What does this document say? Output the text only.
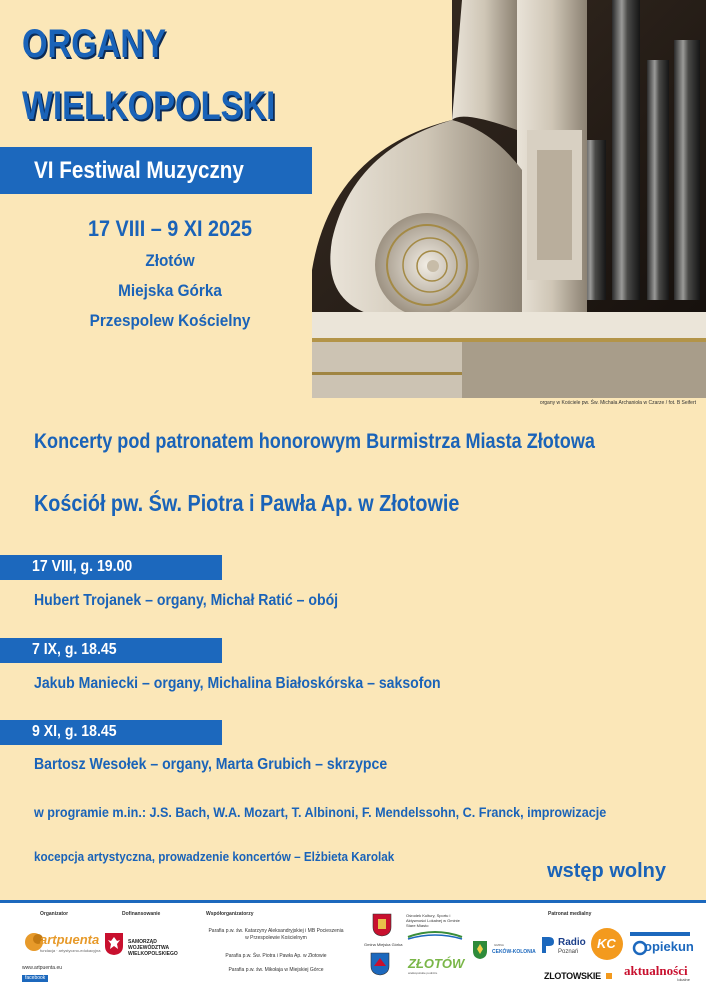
ORGANY
WIELKOPOLSKI
VI Festiwal Muzyczny
17 VIII – 9 XI 2025
Złotów
Miejska Górka
Przespolew Kościelny
organy w Kościele pw. Św. Michała Archanioła w Czarze / fot. B Seifert
Koncerty pod patronatem honorowym Burmistrza Miasta Złotowa
Kościół pw. Św. Piotra i Pawła Ap. w Złotowie
17 VIII, g. 19.00
Hubert Trojanek – organy, Michał Ratić – obój
7 IX, g. 18.45
Jakub Maniecki – organy, Michalina Białoskórska – saksofon
9 XI, g. 18.45
Bartosz Wesołek – organy, Marta Grubich – skrzypce
w programie m.in.: J.S. Bach, W.A. Mozart, T. Albinoni, F. Mendelssohn, C. Franck, improwizacje
kocepcja artystyczna, prowadzenie koncertów – Elżbieta Karolak
wstęp wolny
Organizator	Dofinansowanie	Współorganizatorzy	Patronat medialny
artpuenta
fundacja · artystyczno-edukacyjna
www.artpuenta.eu
facebook
SAMORZĄD WOJEWÓDZTWA WIELKOPOLSKIEGO
Parafia p.w. św. Katarzyny Aleksandryjskiej i MB Pocieszenia w Przespolewie Kościelnym
Parafia p.w. Św. Piotra i Pawła Ap. w Złotowie
Parafia p.w. św. Mikołaja w Miejskiej Górce
Gmina Miejska Górka
Ośrodek Kultury, Sportu i Aktywności Lokalnej w Gminie Stare Miasto
ZŁOTÓW
wielkopolskie podróże
GMINA
CEKÓW-KOLONIA
Radio
Poznań
KC opiekun
ZLOTOWSKIE	aktualności
lokalne
